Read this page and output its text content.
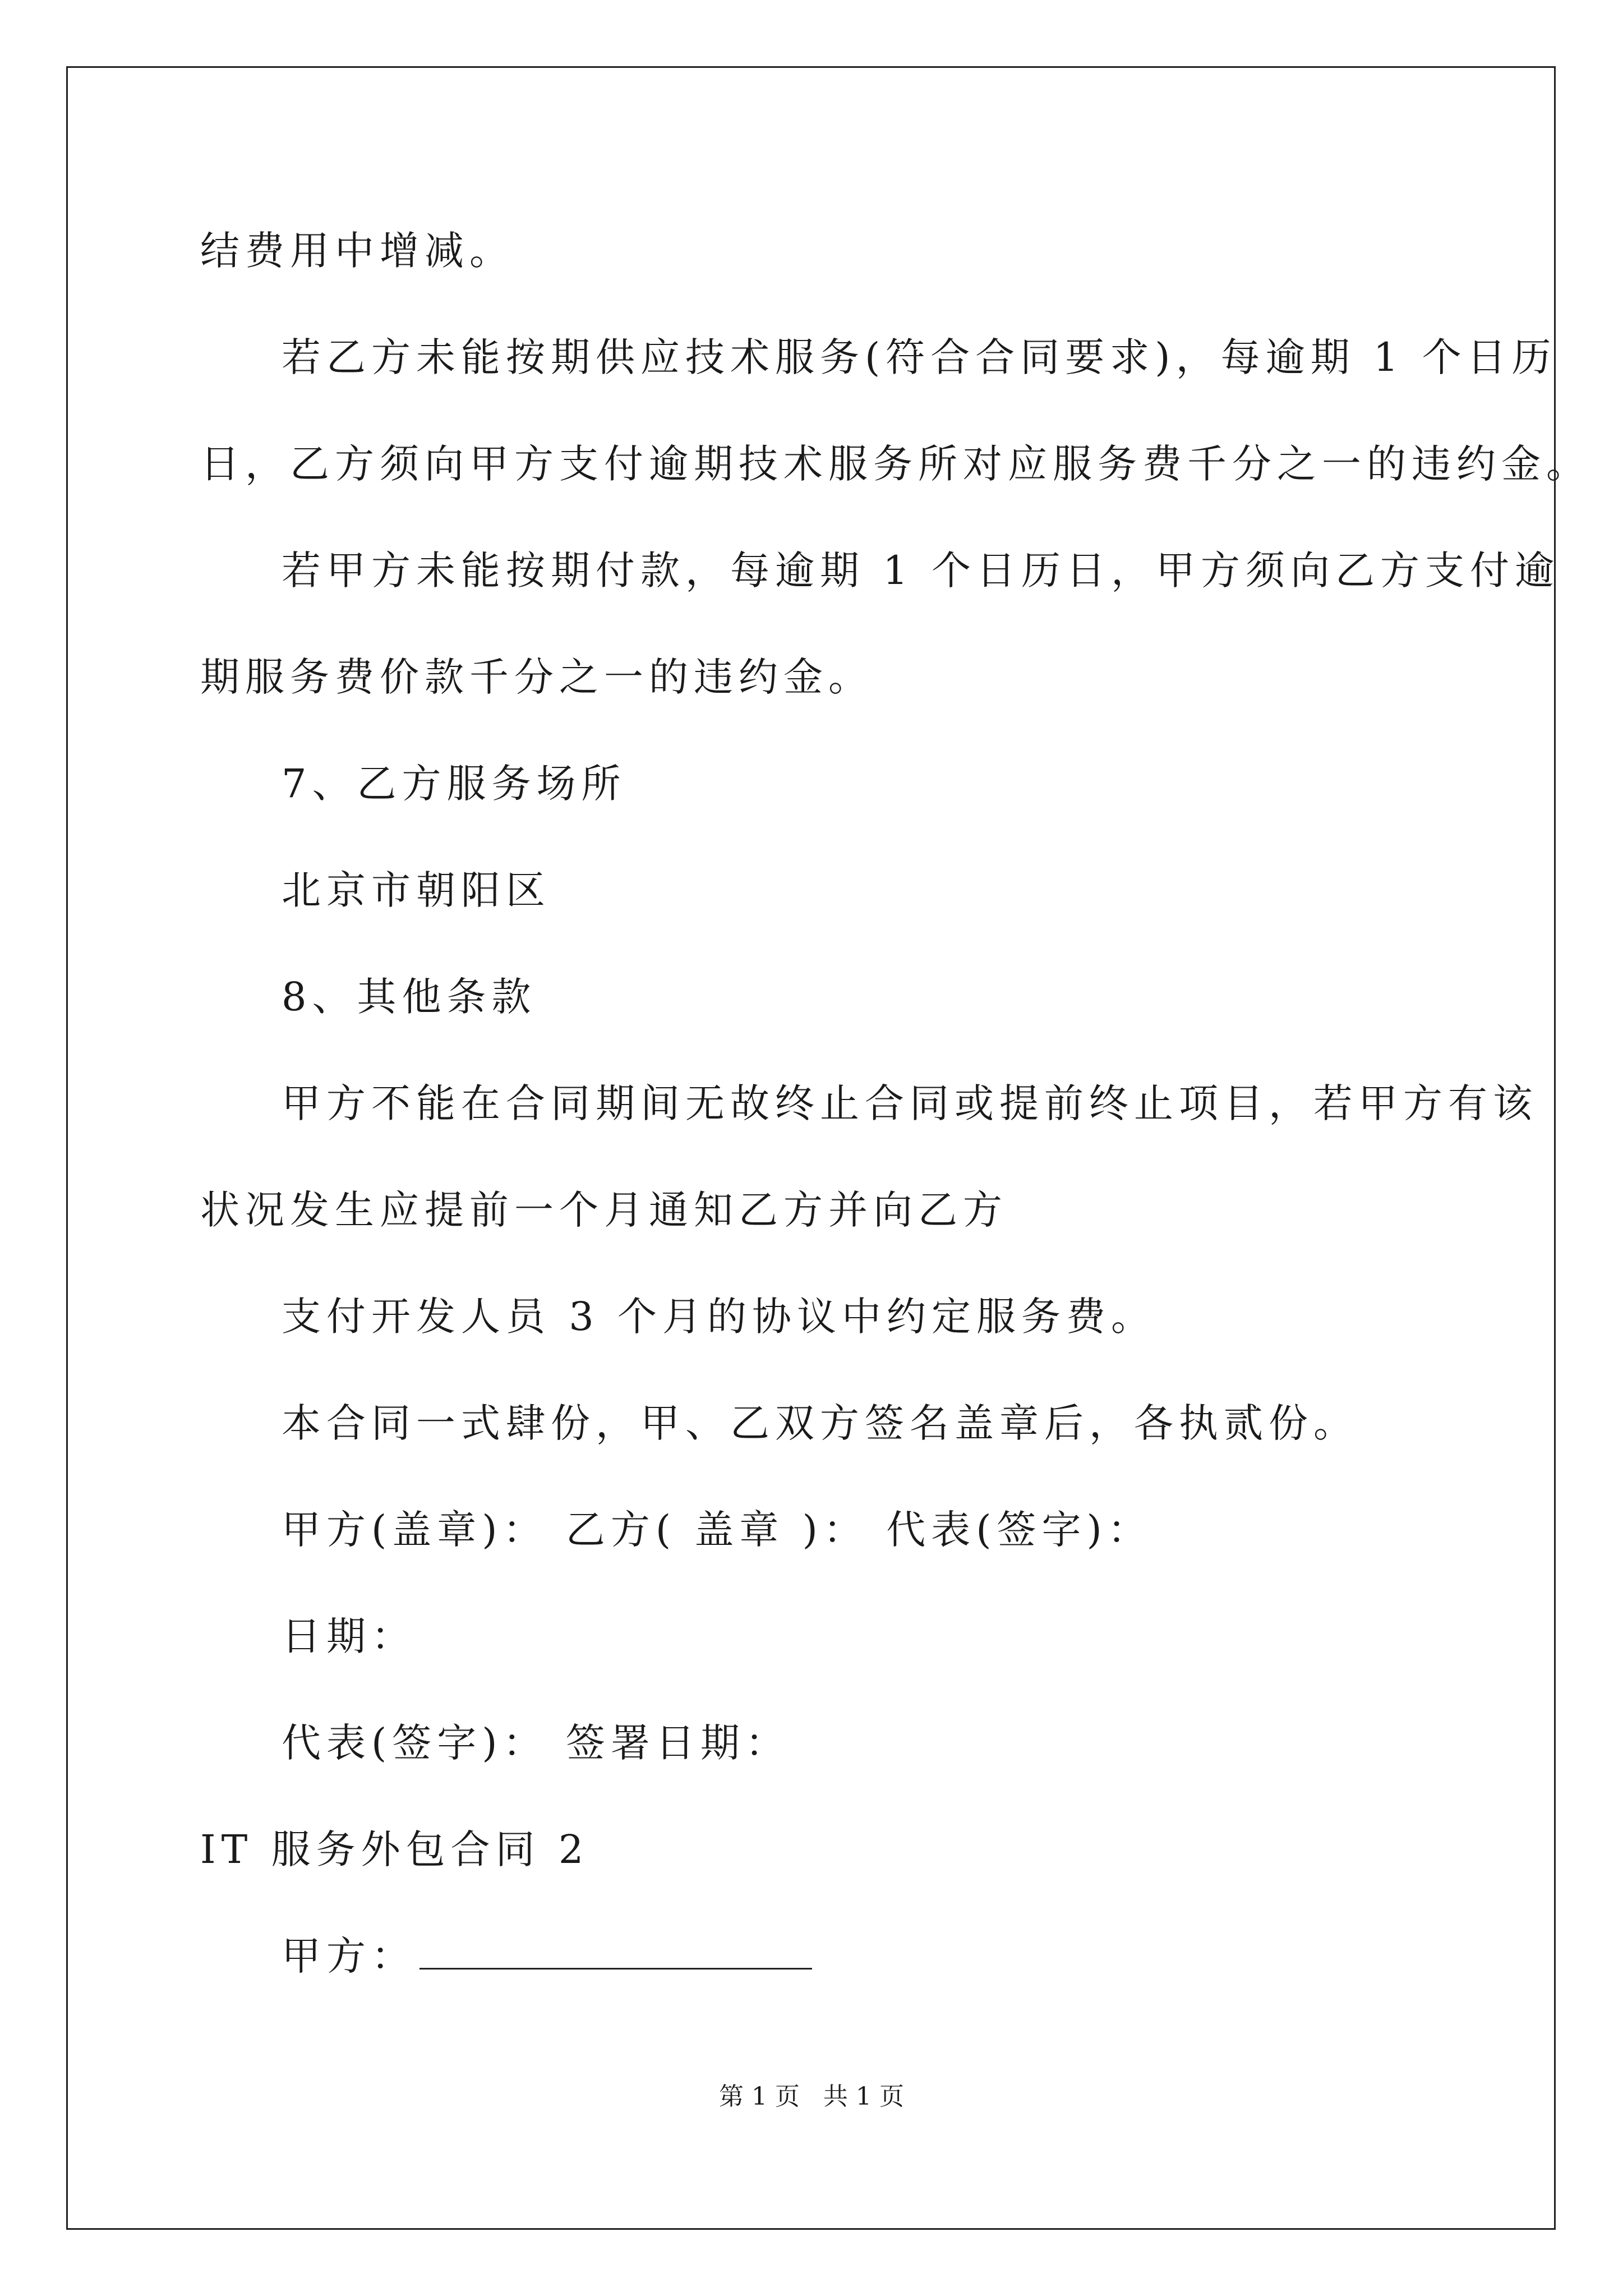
结费用中增减。
若乙方未能按期供应技术服务(符合合同要求)，每逾期 1 个日历
日，乙方须向甲方支付逾期技术服务所对应服务费千分之一的违约金。
若甲方未能按期付款，每逾期 1 个日历日，甲方须向乙方支付逾
期服务费价款千分之一的违约金。
7、乙方服务场所
北京市朝阳区
8、其他条款
甲方不能在合同期间无故终止合同或提前终止项目，若甲方有该
状况发生应提前一个月通知乙方并向乙方
支付开发人员 3 个月的协议中约定服务费。
本合同一式肆份，甲、乙双方签名盖章后，各执贰份。
甲方(盖章)： 乙方( 盖章 )： 代表(签字)：
日期：
代表(签字)： 签署日期：
IT 服务外包合同 2
甲方：
第 1 页   共 1 页
